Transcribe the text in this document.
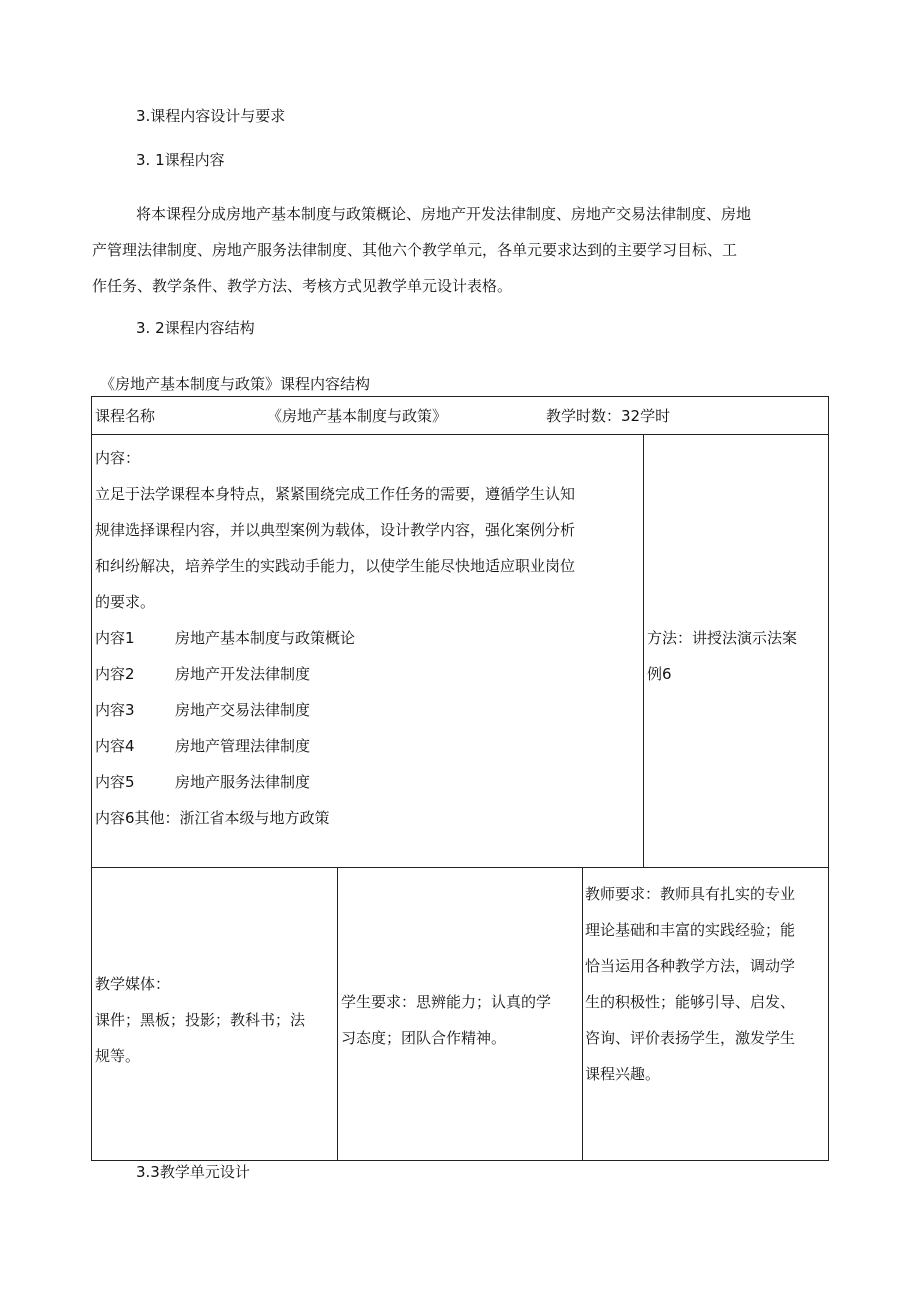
3.课程内容设计与要求
3. 1课程内容
将本课程分成房地产基本制度与政策概论、房地产开发法律制度、房地产交易法律制度、房地
产管理法律制度、房地产服务法律制度、其他六个教学单元，各单元要求达到的主要学习目标、工
作任务、教学条件、教学方法、考核方式见教学单元设计表格。
3. 2课程内容结构
《房地产基本制度与政策》课程内容结构
课程名称	《房地产基本制度与政策》	教学时数：32学时
内容：
立足于法学课程本身特点，紧紧围绕完成工作任务的需要，遵循学生认知
规律选择课程内容，并以典型案例为载体，设计教学内容，强化案例分析
和纠纷解决，培养学生的实践动手能力，以使学生能尽快地适应职业岗位
的要求。
内容1	房地产基本制度与政策概论
内容2	房地产开发法律制度
内容3	房地产交易法律制度
内容4	房地产管理法律制度
内容5	房地产服务法律制度
内容6其他：浙江省本级与地方政策
方法：讲授法演示法案
例6
教学媒体：
课件；黑板；投影；教科书；法
规等。
学生要求：思辨能力；认真的学
习态度；团队合作精神。
教师要求：教师具有扎实的专业
理论基础和丰富的实践经验；能
恰当运用各种教学方法，调动学
生的积极性；能够引导、启发、
咨询、评价表扬学生，激发学生
课程兴趣。
3.3教学单元设计
